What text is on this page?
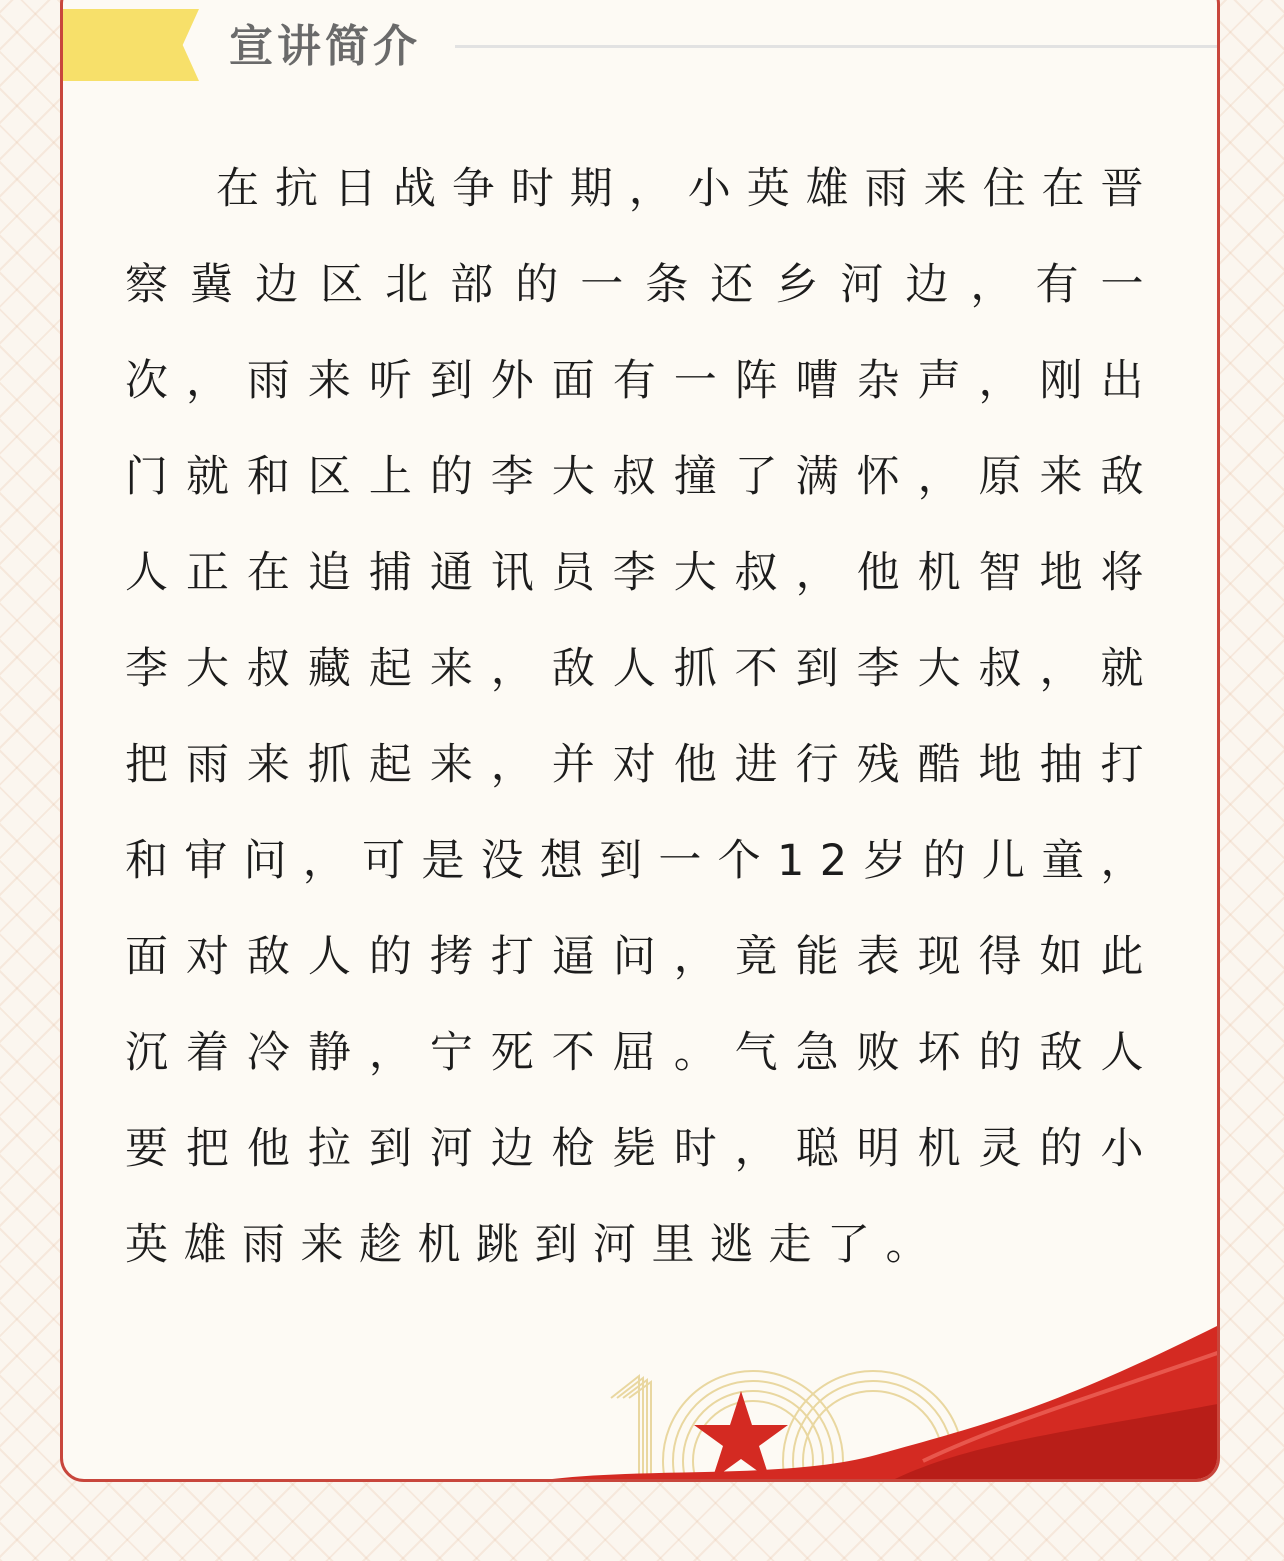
宣讲简介

在抗日战争时期，小英雄雨来住在晋察冀边区北部的一条还乡河边，有一次，雨来听到外面有一阵嘈杂声，刚出门就和区上的李大叔撞了满怀，原来敌人正在追捕通讯员李大叔，他机智地将李大叔藏起来，敌人抓不到李大叔，就把雨来抓起来，并对他进行残酷地抽打和审问，可是没想到一个12岁的儿童，面对敌人的拷打逼问，竟能表现得如此沉着冷静，宁死不屈。气急败坏的敌人要把他拉到河边枪毙时，聪明机灵的小英雄雨来趁机跳到河里逃走了。
